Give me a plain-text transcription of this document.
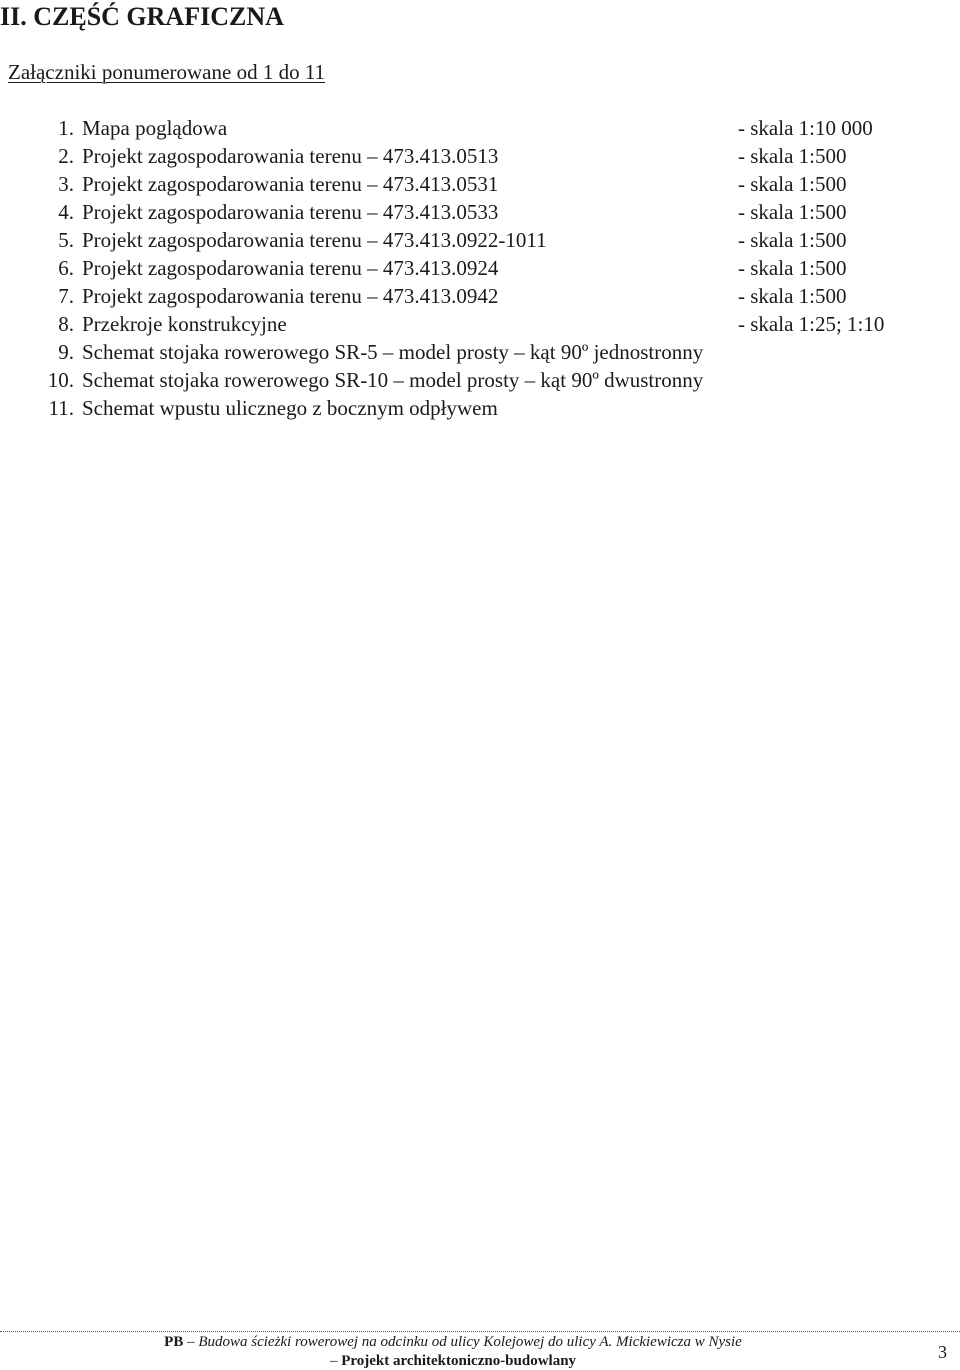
II. CZĘŚĆ GRAFICZNA
Załączniki ponumerowane od 1 do 11
1. Mapa poglądowa	- skala 1:10 000
2. Projekt zagospodarowania terenu – 473.413.0513	- skala 1:500
3. Projekt zagospodarowania terenu – 473.413.0531	- skala 1:500
4. Projekt zagospodarowania terenu – 473.413.0533	- skala 1:500
5. Projekt zagospodarowania terenu – 473.413.0922-1011	- skala 1:500
6. Projekt zagospodarowania terenu – 473.413.0924	- skala 1:500
7. Projekt zagospodarowania terenu – 473.413.0942	- skala 1:500
8. Przekroje konstrukcyjne	- skala 1:25; 1:10
9. Schemat stojaka rowerowego SR-5 – model prosty – kąt 90º jednostronny
10. Schemat stojaka rowerowego SR-10 – model prosty – kąt 90º dwustronny
11. Schemat wpustu ulicznego z bocznym odpływem
PB – Budowa ścieżki rowerowej na odcinku od ulicy Kolejowej do ulicy A. Mickiewicza w Nysie
– Projekt architektoniczno-budowlany	3
